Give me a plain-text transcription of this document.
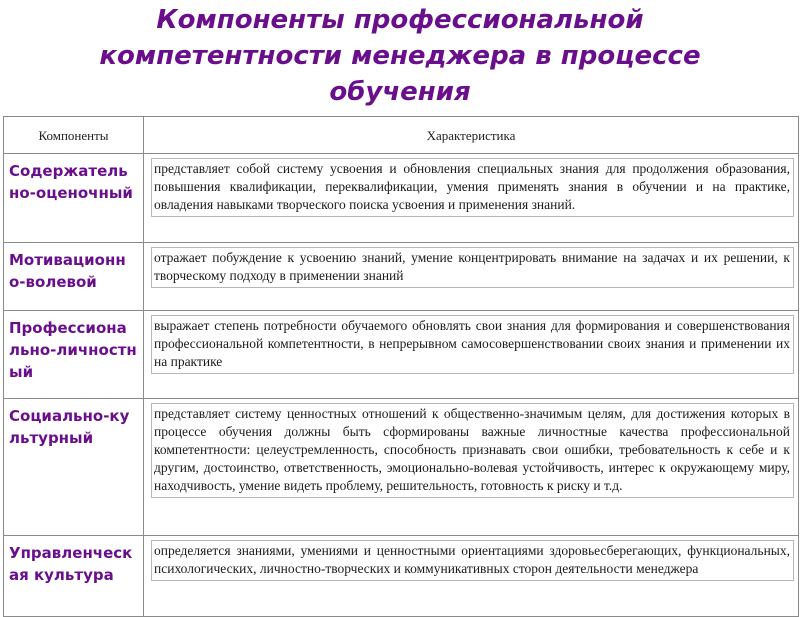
Компоненты профессиональной
компетентности менеджера в процессе
обучения
Компоненты	Характеристика

Содержатель но-оценочный	представляет собой систему усвоения и обновления специальных знания для продолжения образования, повышения квалификации, переквалификации, умения применять знания в обучении и на практике, овладения навыками творческого поиска усвоения и применения знаний.

Мотивационн о-волевой	отражает побуждение к усвоению знаний, умение концентрировать внимание на задачах и их решении, к творческому подходу в применении знаний

Профессиона льно-личностный	выражает степень потребности обучаемого обновлять свои знания для формирования и совершенствования профессиональной компетентности, в непрерывном самосовершенствовании своих знания и применении их на практике

Социально-культурный	представляет систему ценностных отношений к общественно-значимым целям, для достижения которых в процессе обучения должны быть сформированы важные личностные качества профессиональной компетентности: целеустремленность, способность признавать свои ошибки, требовательность к себе и к другим, достоинство, ответственность, эмоционально-волевая устойчивость, интерес к окружающему миру, находчивость, умение видеть проблему, решительность, готовность к риску и т.д.

Управленческ ая культура	определяется знаниями, умениями и ценностными ориентациями здоровьесберегающих, функциональных, психологических, личностно-творческих и коммуникативных сторон деятельности менеджера
